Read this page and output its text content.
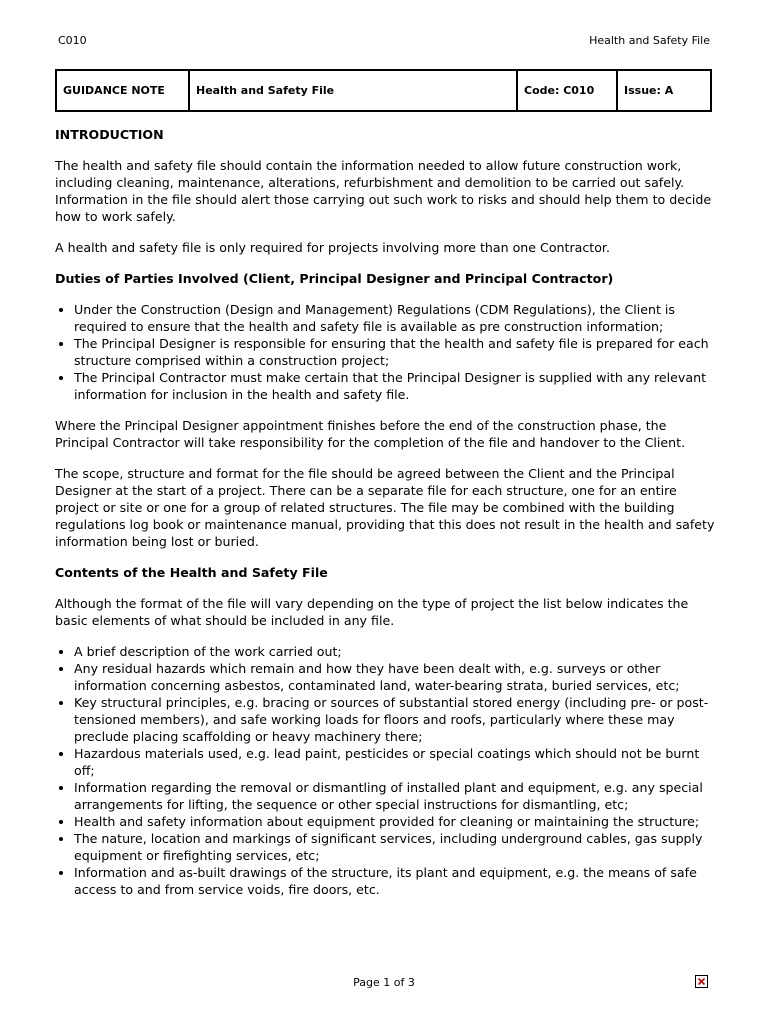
C010	Health and Safety File
GUIDANCE NOTE	Health and Safety File	Code: C010	Issue: A
INTRODUCTION

The health and safety file should contain the information needed to allow future construction work, including cleaning, maintenance, alterations, refurbishment and demolition to be carried out safely. Information in the file should alert those carrying out such work to risks and should help them to decide how to work safely.

A health and safety file is only required for projects involving more than one Contractor.

Duties of Parties Involved (Client, Principal Designer and Principal Contractor)
• Under the Construction (Design and Management) Regulations (CDM Regulations), the Client is required to ensure that the health and safety file is available as pre construction information;
• The Principal Designer is responsible for ensuring that the health and safety file is prepared for each structure comprised within a construction project;
• The Principal Contractor must make certain that the Principal Designer is supplied with any relevant information for inclusion in the health and safety file.

Where the Principal Designer appointment finishes before the end of the construction phase, the Principal Contractor will take responsibility for the completion of the file and handover to the Client.

The scope, structure and format for the file should be agreed between the Client and the Principal Designer at the start of a project. There can be a separate file for each structure, one for an entire project or site or one for a group of related structures. The file may be combined with the building regulations log book or maintenance manual, providing that this does not result in the health and safety information being lost or buried.

Contents of the Health and Safety File

Although the format of the file will vary depending on the type of project the list below indicates the basic elements of what should be included in any file.

• A brief description of the work carried out;
• Any residual hazards which remain and how they have been dealt with, e.g. surveys or other information concerning asbestos, contaminated land, water-bearing strata, buried services, etc;
• Key structural principles, e.g. bracing or sources of substantial stored energy (including pre- or post-tensioned members), and safe working loads for floors and roofs, particularly where these may preclude placing scaffolding or heavy machinery there;
• Hazardous materials used, e.g. lead paint, pesticides or special coatings which should not be burnt off;
• Information regarding the removal or dismantling of installed plant and equipment, e.g. any special arrangements for lifting, the sequence or other special instructions for dismantling, etc;
• Health and safety information about equipment provided for cleaning or maintaining the structure;
• The nature, location and markings of significant services, including underground cables, gas supply equipment or firefighting services, etc;
• Information and as-built drawings of the structure, its plant and equipment, e.g. the means of safe access to and from service voids, fire doors, etc.
Page 1 of 3
